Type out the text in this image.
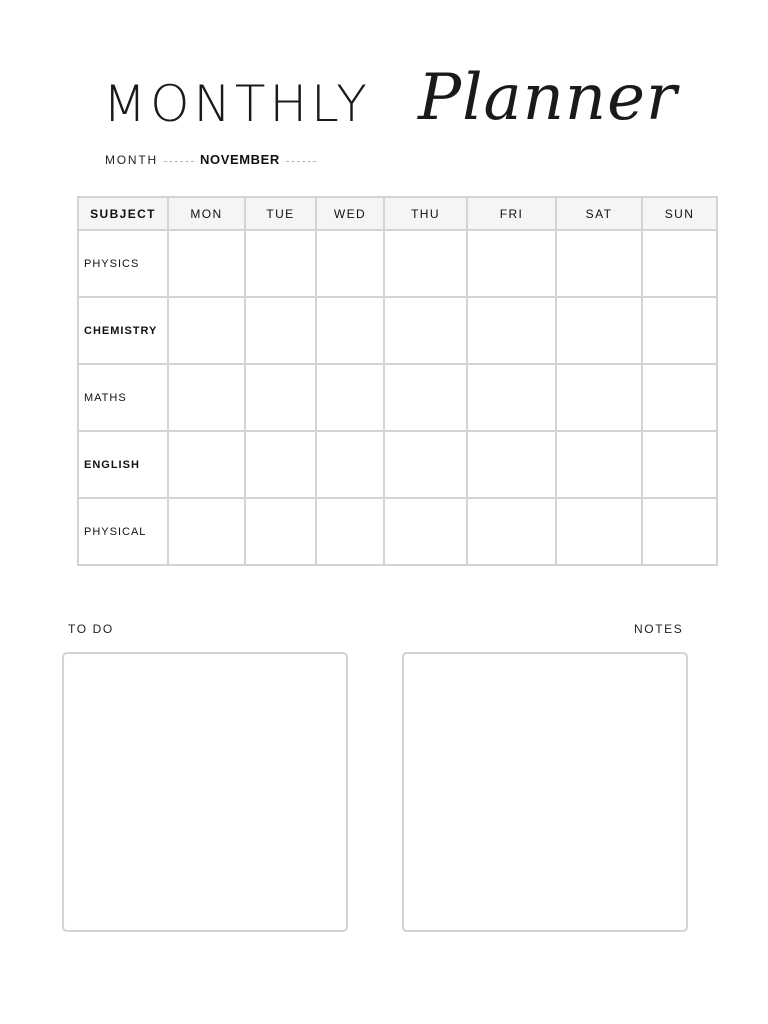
MONTHLY Planner
MONTH	NOVEMBER
SUBJECT	MON	TUE	WED	THU	FRI	SAT	SUN
PHYSICS							
CHEMISTRY							
MATHS							
ENGLISH							
PHYSICAL							
TO DO	NOTES
